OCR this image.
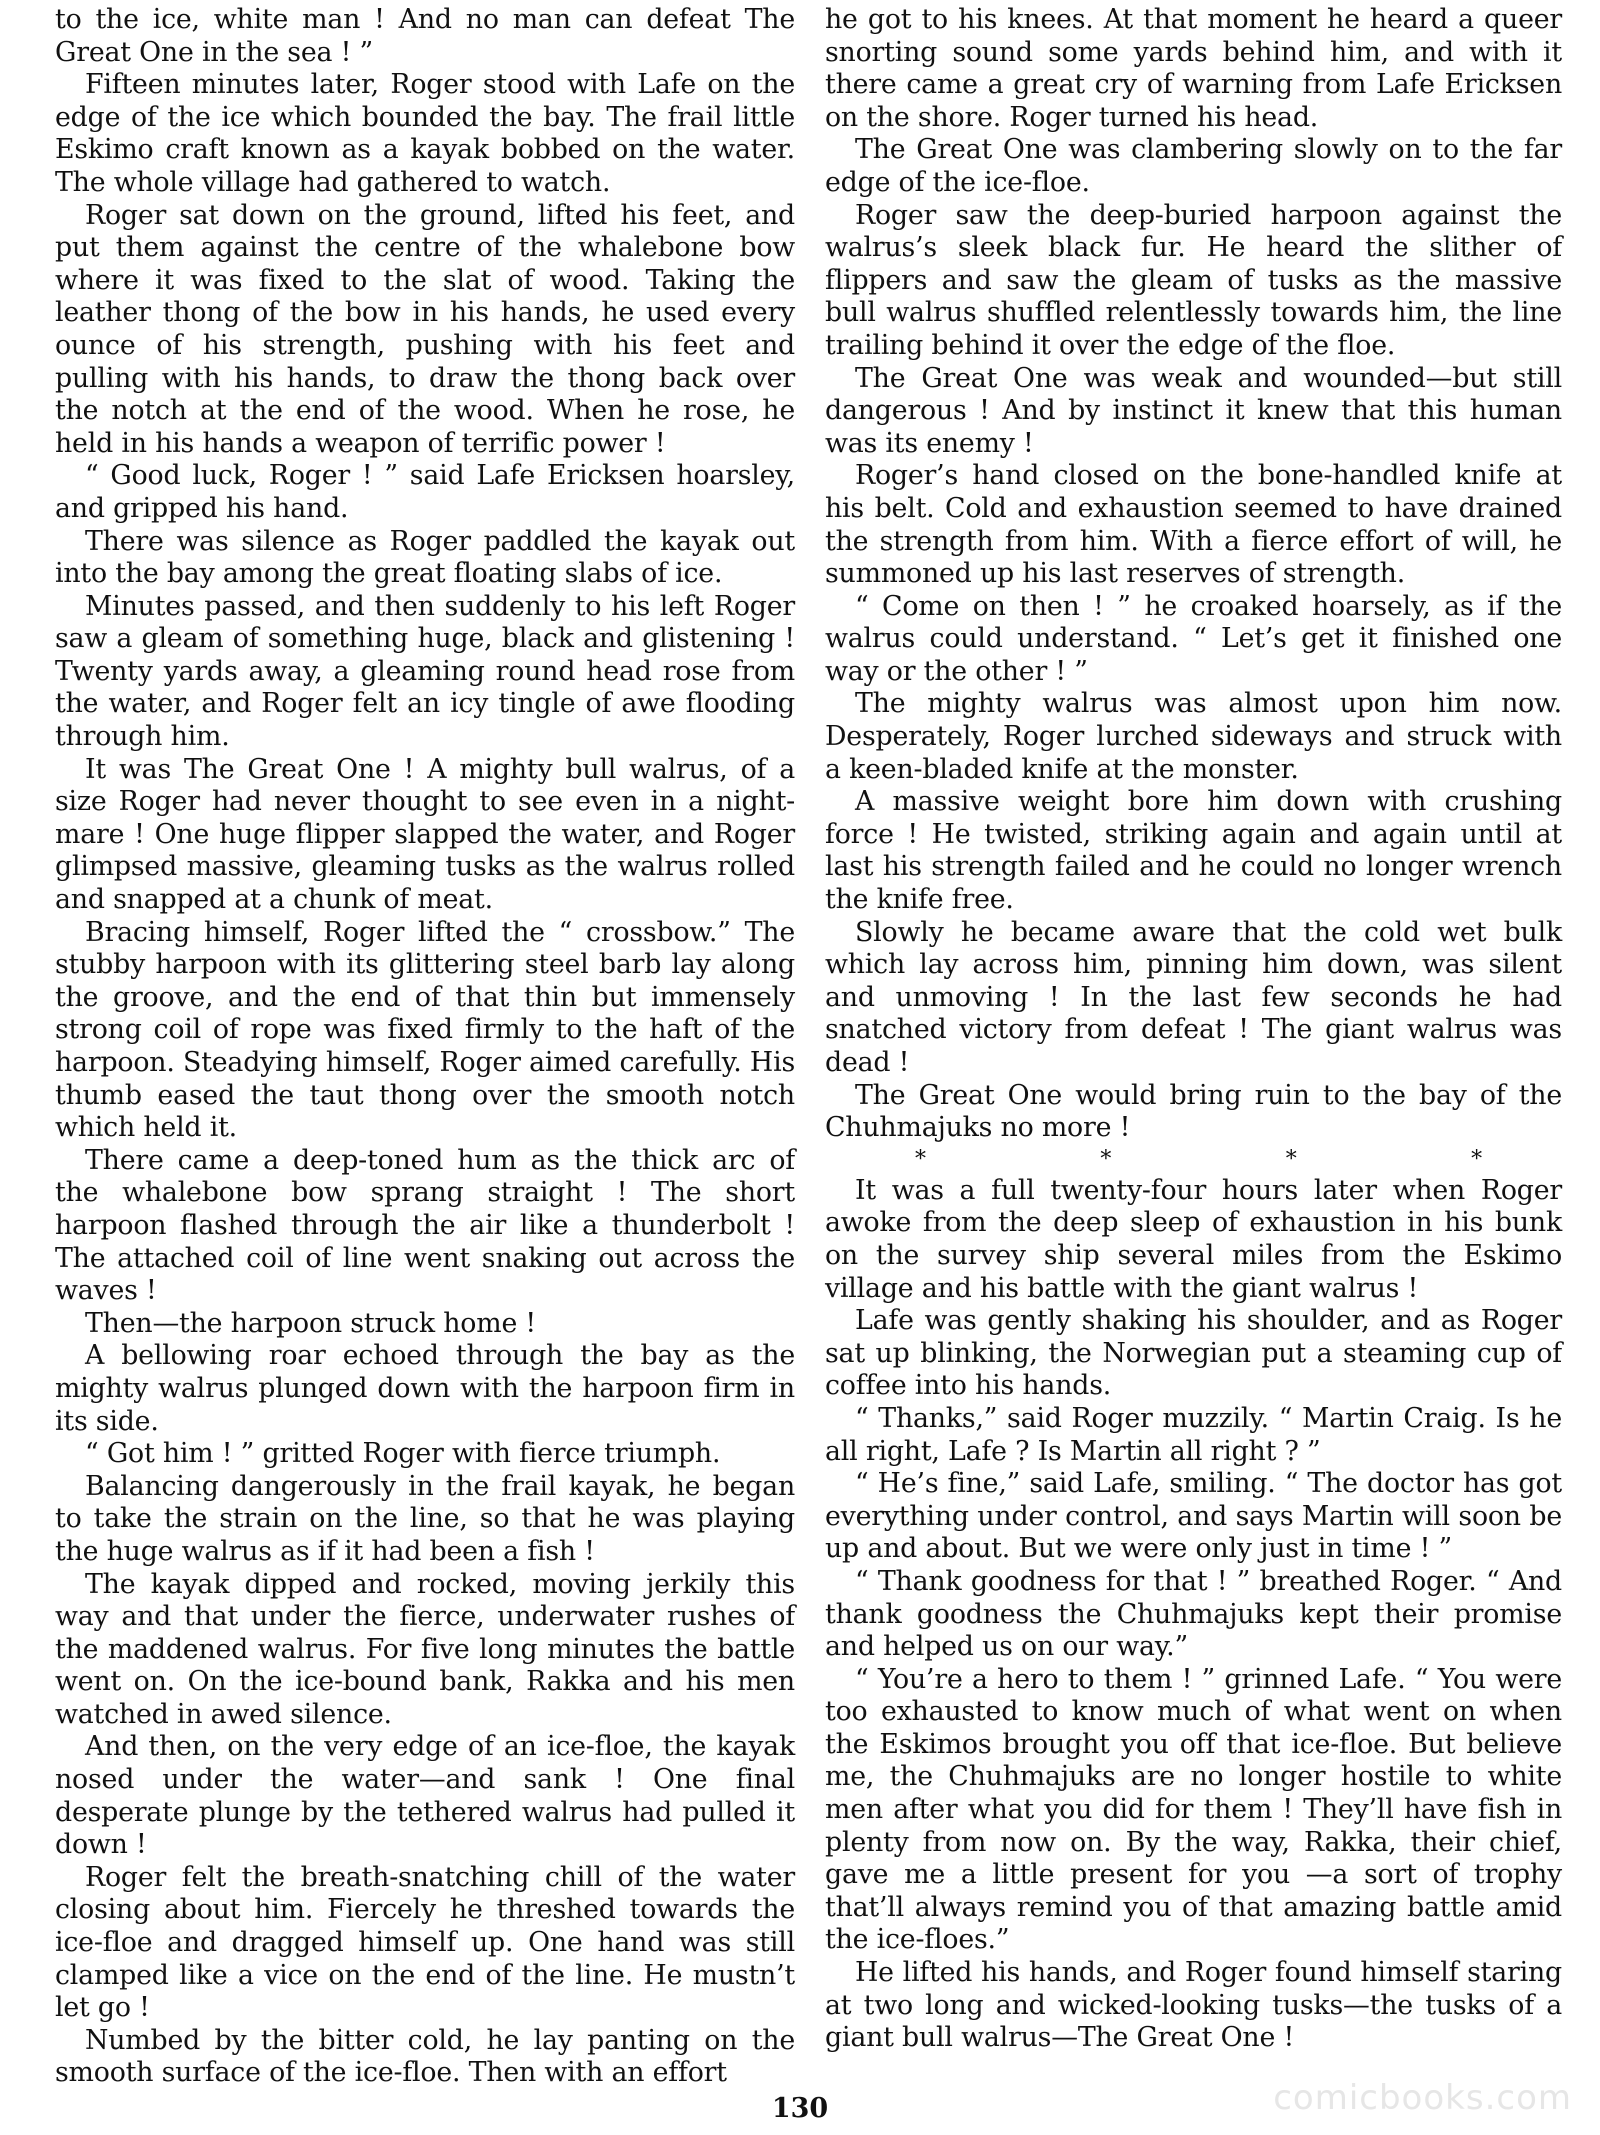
to the ice, white man ! And no man can defeat The Great One in the sea ! ”

Fifteen minutes later, Roger stood with Lafe on the edge of the ice which bounded the bay. The frail little Eskimo craft known as a kayak bobbed on the water. The whole village had gathered to watch.

Roger sat down on the ground, lifted his feet, and put them against the centre of the whalebone bow where it was fixed to the slat of wood. Taking the leather thong of the bow in his hands, he used every ounce of his strength, pushing with his feet and pulling with his hands, to draw the thong back over the notch at the end of the wood. When he rose, he held in his hands a weapon of terrific power !

“ Good luck, Roger ! ” said Lafe Ericksen hoarsley, and gripped his hand.

There was silence as Roger paddled the kayak out into the bay among the great floating slabs of ice.

Minutes passed, and then suddenly to his left Roger saw a gleam of something huge, black and glistening ! Twenty yards away, a gleaming round head rose from the water, and Roger felt an icy tingle of awe flooding through him.

It was The Great One ! A mighty bull walrus, of a size Roger had never thought to see even in a night-mare ! One huge flipper slapped the water, and Roger glimpsed massive, gleaming tusks as the walrus rolled and snapped at a chunk of meat.

Bracing himself, Roger lifted the “ crossbow.” The stubby harpoon with its glittering steel barb lay along the groove, and the end of that thin but immensely strong coil of rope was fixed firmly to the haft of the harpoon. Steadying himself, Roger aimed carefully. His thumb eased the taut thong over the smooth notch which held it.

There came a deep-toned hum as the thick arc of the whalebone bow sprang straight ! The short harpoon flashed through the air like a thunderbolt ! The attached coil of line went snaking out across the waves !

Then—the harpoon struck home !

A bellowing roar echoed through the bay as the mighty walrus plunged down with the harpoon firm in its side.

“ Got him ! ” gritted Roger with fierce triumph.

Balancing dangerously in the frail kayak, he began to take the strain on the line, so that he was playing the huge walrus as if it had been a fish !

The kayak dipped and rocked, moving jerkily this way and that under the fierce, underwater rushes of the maddened walrus. For five long minutes the battle went on. On the ice-bound bank, Rakka and his men watched in awed silence.

And then, on the very edge of an ice-floe, the kayak nosed under the water—and sank ! One final desperate plunge by the tethered walrus had pulled it down !

Roger felt the breath-snatching chill of the water closing about him. Fiercely he threshed towards the ice-floe and dragged himself up. One hand was still clamped like a vice on the end of the line. He mustn’t let go !

Numbed by the bitter cold, he lay panting on the smooth surface of the ice-floe. Then with an effort

he got to his knees. At that moment he heard a queer snorting sound some yards behind him, and with it there came a great cry of warning from Lafe Ericksen on the shore. Roger turned his head.

The Great One was clambering slowly on to the far edge of the ice-floe.

Roger saw the deep-buried harpoon against the walrus’s sleek black fur. He heard the slither of flippers and saw the gleam of tusks as the massive bull walrus shuffled relentlessly towards him, the line trailing behind it over the edge of the floe.

The Great One was weak and wounded—but still dangerous ! And by instinct it knew that this human was its enemy !

Roger’s hand closed on the bone-handled knife at his belt. Cold and exhaustion seemed to have drained the strength from him. With a fierce effort of will, he summoned up his last reserves of strength.

“ Come on then ! ” he croaked hoarsely, as if the walrus could understand. “ Let’s get it finished one way or the other ! ”

The mighty walrus was almost upon him now. Desperately, Roger lurched sideways and struck with a keen-bladed knife at the monster.

A massive weight bore him down with crushing force ! He twisted, striking again and again until at last his strength failed and he could no longer wrench the knife free.

Slowly he became aware that the cold wet bulk which lay across him, pinning him down, was silent and unmoving ! In the last few seconds he had snatched victory from defeat ! The giant walrus was dead !

The Great One would bring ruin to the bay of the Chuhmajuks no more !

*	*	*	*

It was a full twenty-four hours later when Roger awoke from the deep sleep of exhaustion in his bunk on the survey ship several miles from the Eskimo village and his battle with the giant walrus !

Lafe was gently shaking his shoulder, and as Roger sat up blinking, the Norwegian put a steaming cup of coffee into his hands.

“ Thanks,” said Roger muzzily. “ Martin Craig. Is he all right, Lafe ? Is Martin all right ? ”

“ He’s fine,” said Lafe, smiling. “ The doctor has got everything under control, and says Martin will soon be up and about. But we were only just in time ! ”

“ Thank goodness for that ! ” breathed Roger. “ And thank goodness the Chuhmajuks kept their promise and helped us on our way.”

“ You’re a hero to them ! ” grinned Lafe. “ You were too exhausted to know much of what went on when the Eskimos brought you off that ice-floe. But believe me, the Chuhmajuks are no longer hostile to white men after what you did for them ! They’ll have fish in plenty from now on. By the way, Rakka, their chief, gave me a little present for you —a sort of trophy that’ll always remind you of that amazing battle amid the ice-floes.”

He lifted his hands, and Roger found himself staring at two long and wicked-looking tusks—the tusks of a giant bull walrus—The Great One !

130	comicbooks.com
